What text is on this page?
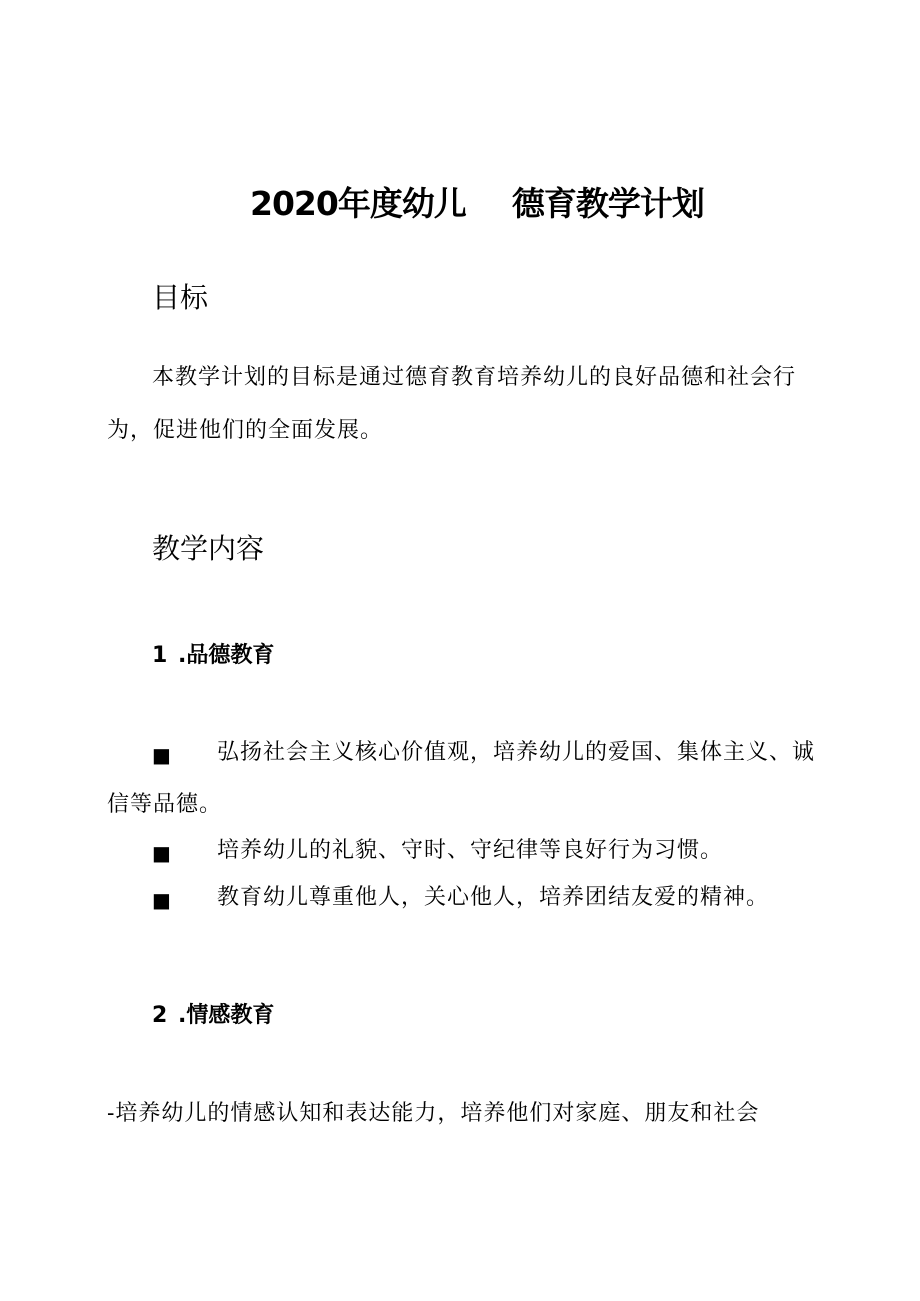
2020年度幼儿 德育教学计划
目标
本教学计划的目标是通过德育教育培养幼儿的良好品德和社会行
为，促进他们的全面发展。
教学内容
1 .品德教育
■ 弘扬社会主义核心价值观，培养幼儿的爱国、集体主义、诚
信等品德。
■ 培养幼儿的礼貌、守时、守纪律等良好行为习惯。
■ 教育幼儿尊重他人，关心他人，培养团结友爱的精神。
2 .情感教育
-培养幼儿的情感认知和表达能力，培养他们对家庭、朋友和社会
